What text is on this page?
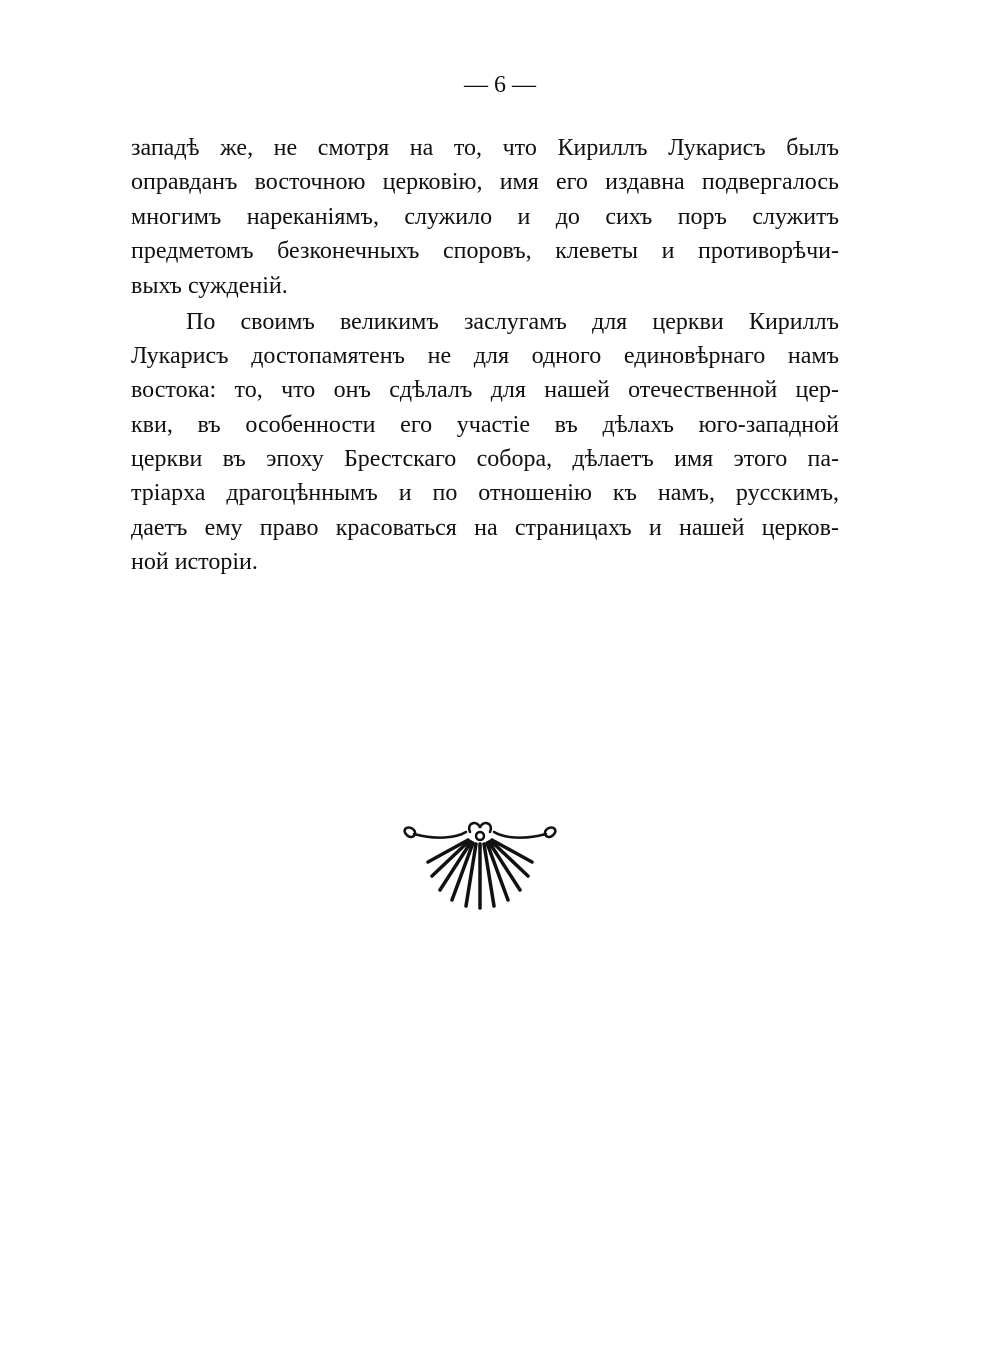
— 6 —
западѣ же, не смотря на то, что Кириллъ Лукарисъ былъ
оправданъ восточною церковію, имя его издавна подвергалось
многимъ нареканіямъ, служило и до сихъ поръ служитъ
предметомъ безконечныхъ споровъ, клеветы и противорѣчи-
выхъ сужденій.
По своимъ великимъ заслугамъ для церкви Кириллъ
Лукарисъ достопамятенъ не для одного единовѣрнаго намъ
востока: то, что онъ сдѣлалъ для нашей отечественной цер-
кви, въ особенности его участіе въ дѣлахъ юго-западной
церкви въ эпоху Брестскаго собора, дѣлаетъ имя этого па-
тріарха драгоцѣннымъ и по отношенію къ намъ, русскимъ,
даетъ ему право красоваться на страницахъ и нашей церков-
ной исторіи.
